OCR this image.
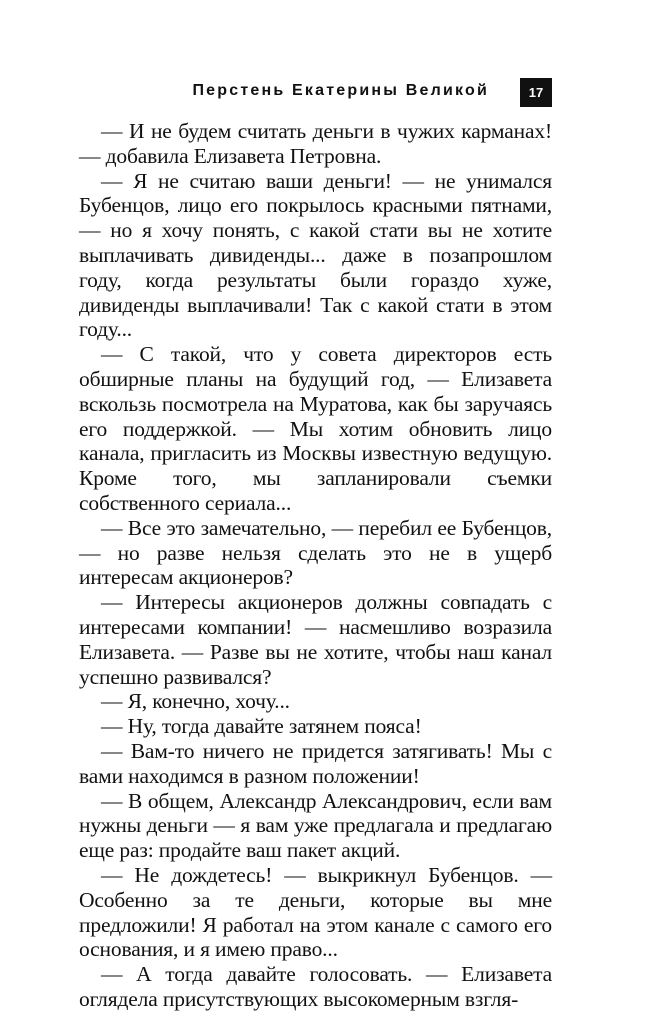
Перстень Екатерины Великой	17

— И не будем считать деньги в чужих карманах! — добавила Елизавета Петровна.

— Я не считаю ваши деньги! — не унимался Бубенцов, лицо его покрылось красными пятнами, — но я хочу понять, с какой стати вы не хотите выплачивать дивиденды... даже в позапрошлом году, когда результаты были гораздо хуже, дивиденды выплачивали! Так с какой стати в этом году...

— С такой, что у совета директоров есть обширные планы на будущий год, — Елизавета вскользь посмотрела на Муратова, как бы заручаясь его поддержкой. — Мы хотим обновить лицо канала, пригласить из Москвы известную ведущую. Кроме того, мы запланировали съемки собственного сериала...

— Все это замечательно, — перебил ее Бубенцов, — но разве нельзя сделать это не в ущерб интересам акционеров?

— Интересы акционеров должны совпадать с интересами компании! — насмешливо возразила Елизавета. — Разве вы не хотите, чтобы наш канал успешно развивался?

— Я, конечно, хочу...

— Ну, тогда давайте затянем пояса!

— Вам-то ничего не придется затягивать! Мы с вами находимся в разном положении!

— В общем, Александр Александрович, если вам нужны деньги — я вам уже предлагала и предлагаю еще раз: продайте ваш пакет акций.

— Не дождетесь! — выкрикнул Бубенцов. — Особенно за те деньги, которые вы мне предложили! Я работал на этом канале с самого его основания, и я имею право...

— А тогда давайте голосовать. — Елизавета оглядела присутствующих высокомерным взгля-
